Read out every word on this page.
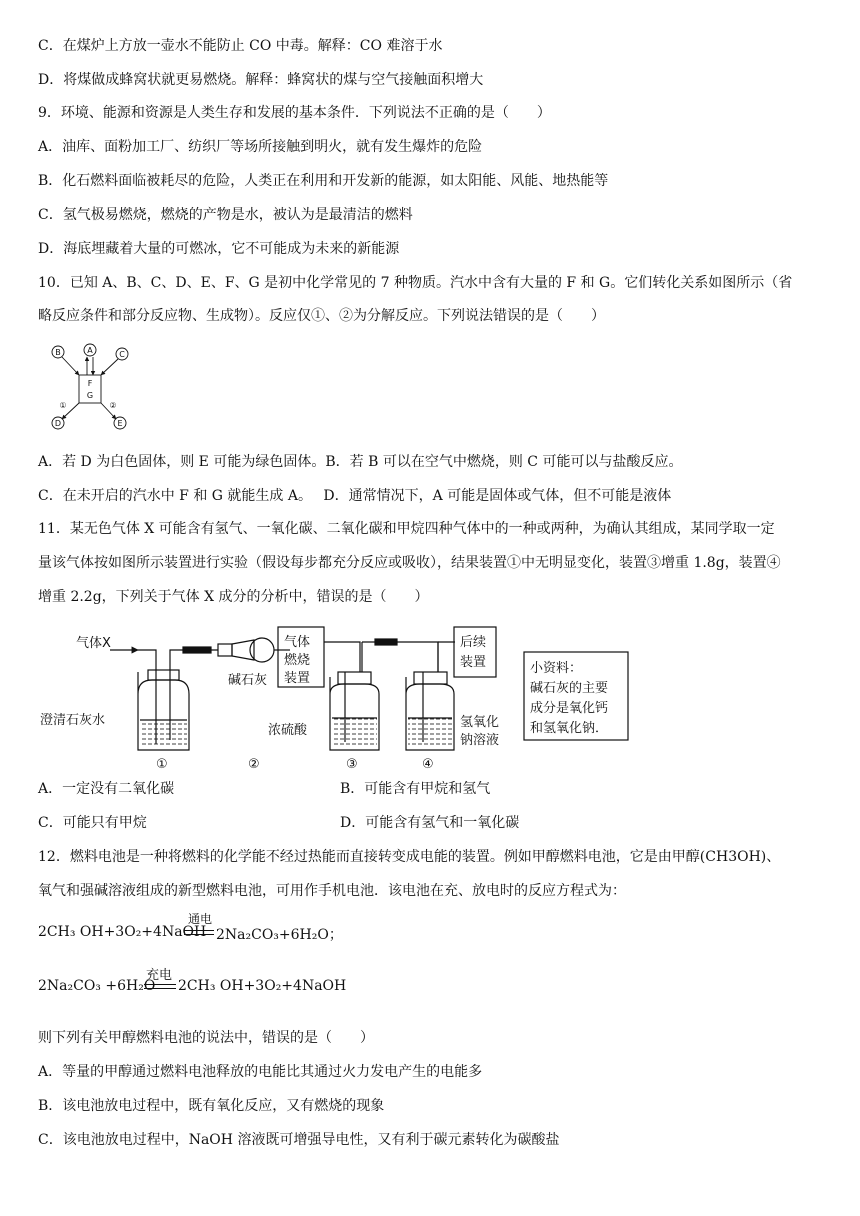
C．在煤炉上方放一壶水不能防止 CO 中毒。解释：CO 难溶于水
D．将煤做成蜂窝状就更易燃烧。解释：蜂窝状的煤与空气接触面积增大
9．环境、能源和资源是人类生存和发展的基本条件．下列说法不正确的是（　　）
A．油库、面粉加工厂、纺织厂等场所接触到明火，就有发生爆炸的危险
B．化石燃料面临被耗尽的危险，人类正在利用和开发新的能源，如太阳能、风能、地热能等
C．氢气极易燃烧，燃烧的产物是水，被认为是最清洁的燃料
D．海底埋藏着大量的可燃冰，它不可能成为未来的新能源
10．已知 A、B、C、D、E、F、G 是初中化学常见的 7 种物质。汽水中含有大量的 F 和 G。它们转化关系如图所示（省
略反应条件和部分反应物、生成物）。反应仅①、②为分解反应。下列说法错误的是（　　）
B	A	C
D	E
F
G
①	②
A．若 D 为白色固体，则 E 可能为绿色固体。B．若 B 可以在空气中燃烧，则 C 可能可以与盐酸反应。
C．在未开启的汽水中 F 和 G 就能生成 A。　 D．通常情况下，A 可能是固体或气体，但不可能是液体
11．某无色气体 X 可能含有氢气、一氧化碳、二氧化碳和甲烷四种气体中的一种或两种，为确认其组成，某同学取一定
量该气体按如图所示装置进行实验（假设每步都充分反应或吸收），结果装置①中无明显变化，装置③增重 1.8g，装置④
增重 2.2g，下列关于气体 X 成分的分析中，错误的是（　　）
气体X
澄清石灰水
碱石灰
气体
燃烧
装置
浓硫酸
后续
装置
氢氧化
钠溶液
小资料：
碱石灰的主要
成分是氧化钙
和氢氧化钠．
①	②	③	④
A．一定没有二氧化碳	B．可能含有甲烷和氢气
C．可能只有甲烷	D．可能含有氢气和一氧化碳
12．燃料电池是一种将燃料的化学能不经过热能而直接转变成电能的装置。例如甲醇燃料电池，它是由甲醇(CH3OH)、
氧气和强碱溶液组成的新型燃料电池，可用作手机电池．该电池在充、放电时的反应方程式为：
2CH₃ OH+3O₂+4NaOH
通电
2Na₂CO₃+6H₂O；
2Na₂CO₃ +6H₂O
充电
2CH₃ OH+3O₂+4NaOH
则下列有关甲醇燃料电池的说法中，错误的是（　　）
A．等量的甲醇通过燃料电池释放的电能比其通过火力发电产生的电能多
B．该电池放电过程中，既有氧化反应，又有燃烧的现象
C．该电池放电过程中，NaOH 溶液既可增强导电性，又有利于碳元素转化为碳酸盐
